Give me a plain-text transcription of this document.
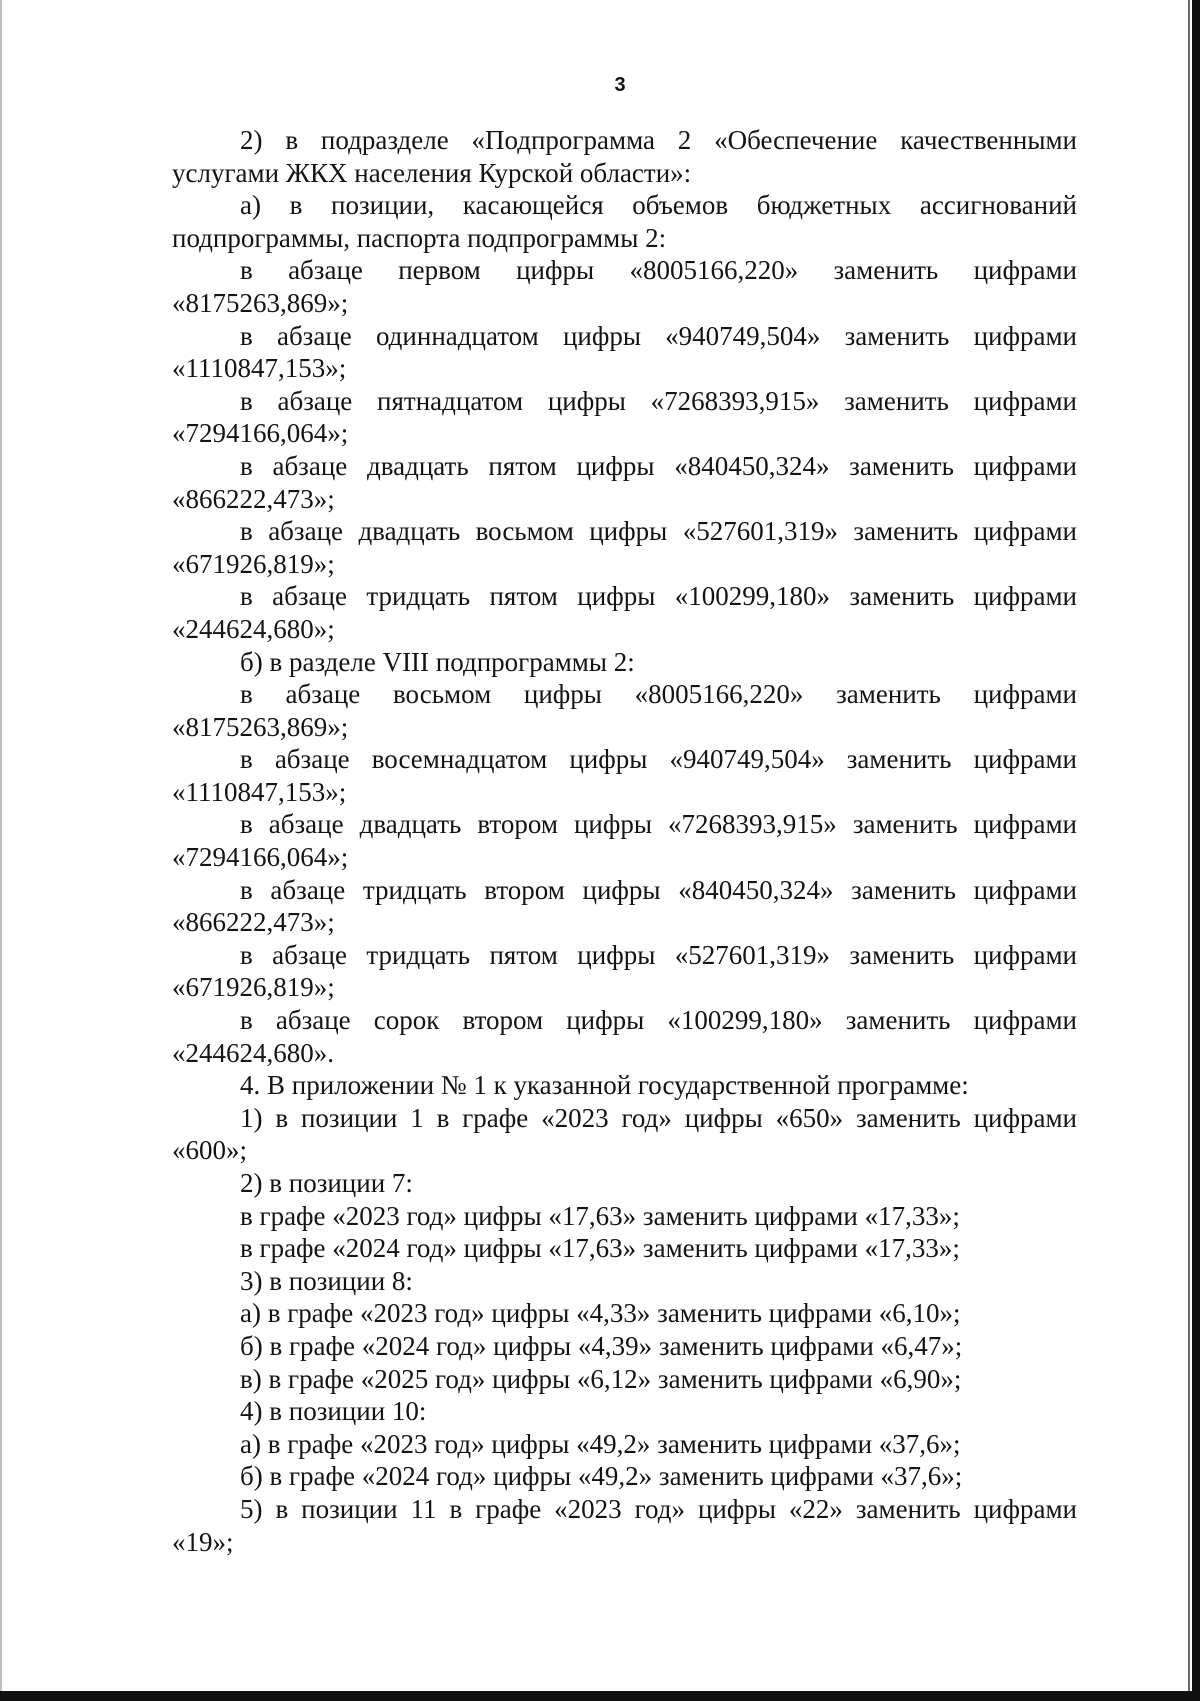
3

2) в подразделе «Подпрограмма 2 «Обеспечение качественными

услугами ЖКХ населения Курской области»:

а) в позиции, касающейся объемов бюджетных ассигнований

подпрограммы, паспорта подпрограммы 2:

в абзаце первом цифры «8005166,220» заменить цифрами

«8175263,869»;

в абзаце одиннадцатом цифры «940749,504» заменить цифрами

«1110847,153»;

в абзаце пятнадцатом цифры «7268393,915» заменить цифрами

«7294166,064»;

в абзаце двадцать пятом цифры «840450,324» заменить цифрами

«866222,473»;

в абзаце двадцать восьмом цифры «527601,319» заменить цифрами

«671926,819»;

в абзаце тридцать пятом цифры «100299,180» заменить цифрами

«244624,680»;

б) в разделе VIII подпрограммы 2:

в абзаце восьмом цифры «8005166,220» заменить цифрами

«8175263,869»;

в абзаце восемнадцатом цифры «940749,504» заменить цифрами

«1110847,153»;

в абзаце двадцать втором цифры «7268393,915» заменить цифрами

«7294166,064»;

в абзаце тридцать втором цифры «840450,324» заменить цифрами

«866222,473»;

в абзаце тридцать пятом цифры «527601,319» заменить цифрами

«671926,819»;

в абзаце сорок втором цифры «100299,180» заменить цифрами

«244624,680».

4. В приложении № 1 к указанной государственной программе:

1) в позиции 1 в графе «2023 год» цифры «650» заменить цифрами

«600»;

2) в позиции 7:

в графе «2023 год» цифры «17,63» заменить цифрами «17,33»;

в графе «2024 год» цифры «17,63» заменить цифрами «17,33»;

3) в позиции 8:

а) в графе «2023 год» цифры «4,33» заменить цифрами «6,10»;

б) в графе «2024 год» цифры «4,39» заменить цифрами «6,47»;

в) в графе «2025 год» цифры «6,12» заменить цифрами «6,90»;

4) в позиции 10:

а) в графе «2023 год» цифры «49,2» заменить цифрами «37,6»;

б) в графе «2024 год» цифры «49,2» заменить цифрами «37,6»;

5) в позиции 11 в графе «2023 год» цифры «22» заменить цифрами

«19»;
